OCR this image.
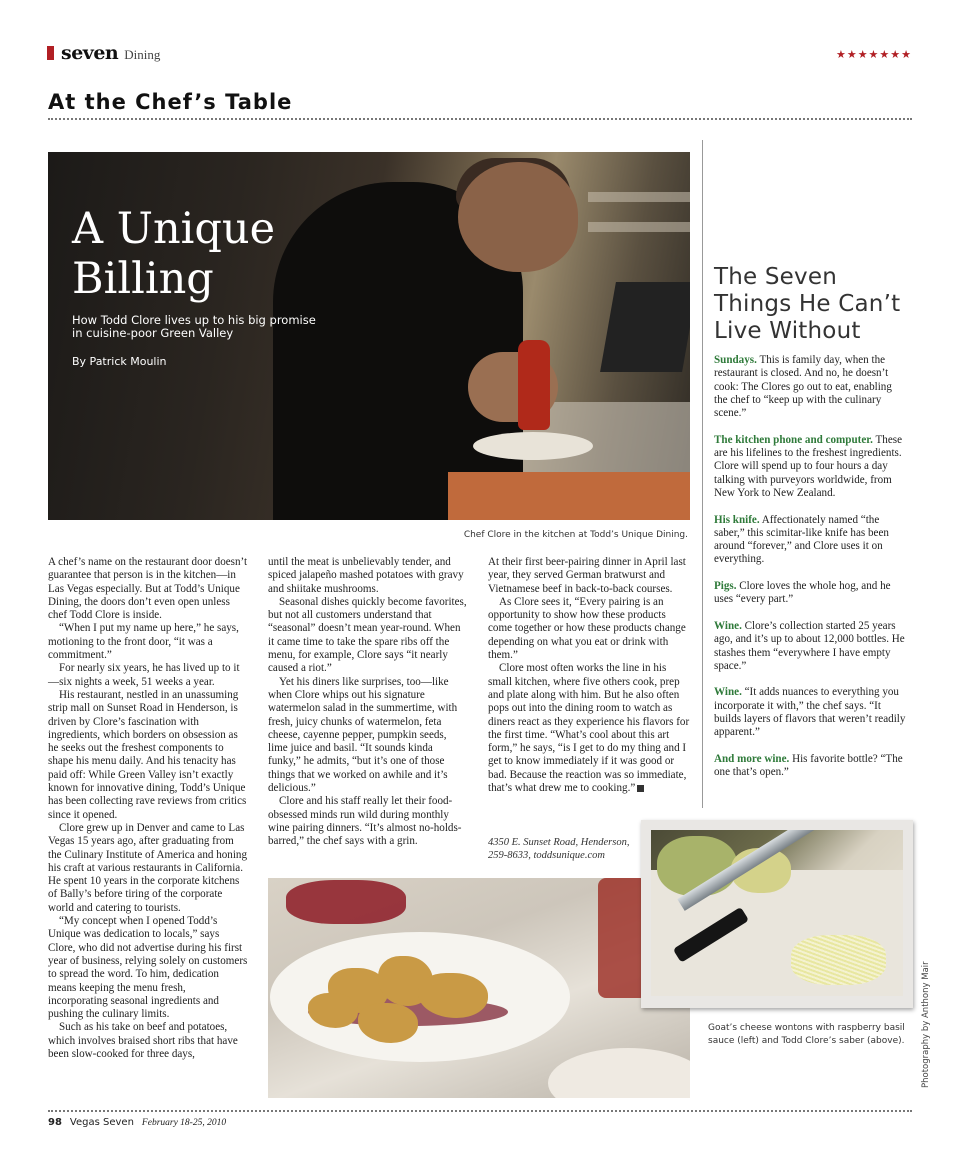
seven Dining	★★★★★★★
At the Chef’s Table
A Unique
Billing
How Todd Clore lives up to his big promise in cuisine-poor Green Valley
By Patrick Moulin
Chef Clore in the kitchen at Todd’s Unique Dining.

A chef’s name on the restaurant door doesn’t guarantee that person is in the kitchen—in Las Vegas especially. But at Todd’s Unique Dining, the doors don’t even open unless chef Todd Clore is inside.

“When I put my name up here,” he says, motioning to the front door, “it was a commitment.”

For nearly six years, he has lived up to it—six nights a week, 51 weeks a year.

His restaurant, nestled in an unassuming strip mall on Sunset Road in Henderson, is driven by Clore’s fascination with ingredients, which borders on obsession as he seeks out the freshest components to shape his menu daily. And his tenacity has paid off: While Green Valley isn’t exactly known for innovative dining, Todd’s Unique has been collecting rave reviews from critics since it opened.

Clore grew up in Denver and came to Las Vegas 15 years ago, after graduating from the Culinary Institute of America and honing his craft at various restaurants in California. He spent 10 years in the corporate kitchens of Bally’s before tiring of the corporate world and catering to tourists.

“My concept when I opened Todd’s Unique was dedication to locals,” says Clore, who did not advertise during his first year of business, relying solely on customers to spread the word. To him, dedication means keeping the menu fresh, incorporating seasonal ingredients and pushing the culinary limits.

Such as his take on beef and potatoes, which involves braised short ribs that have been slow-cooked for three days,

until the meat is unbelievably tender, and spiced jalapeño mashed potatoes with gravy and shiitake mushrooms.

Seasonal dishes quickly become favorites, but not all customers understand that “seasonal” doesn’t mean year-round. When it came time to take the spare ribs off the menu, for example, Clore says “it nearly caused a riot.”

Yet his diners like surprises, too—like when Clore whips out his signature watermelon salad in the summertime, with fresh, juicy chunks of watermelon, feta cheese, cayenne pepper, pumpkin seeds, lime juice and basil. “It sounds kinda funky,” he admits, “but it’s one of those things that we worked on awhile and it’s delicious.”

Clore and his staff really let their food-obsessed minds run wild during monthly wine pairing dinners. “It’s almost no-holds-barred,” the chef says with a grin.

At their first beer-pairing dinner in April last year, they served German bratwurst and Vietnamese beef in back-to-back courses.

As Clore sees it, “Every pairing is an opportunity to show how these products come together or how these products change depending on what you eat or drink with them.”

Clore most often works the line in his small kitchen, where five others cook, prep and plate along with him. But he also often pops out into the dining room to watch as diners react as they experience his flavors for the first time. “What’s cool about this art form,” he says, “is I get to do my thing and I get to know immediately if it was good or bad. Because the reaction was so immediate, that’s what drew me to cooking.”

4350 E. Sunset Road, Henderson,
259-8633, toddsunique.com
The Seven Things He Can’t Live Without
Sundays. This is family day, when the restaurant is closed. And no, he doesn’t cook: The Clores go out to eat, enabling the chef to “keep up with the culinary scene.”
The kitchen phone and computer. These are his lifelines to the freshest ingredients. Clore will spend up to four hours a day talking with purveyors worldwide, from New York to New Zealand.
His knife. Affectionately named “the saber,” this scimitar-like knife has been around “forever,” and Clore uses it on everything.
Pigs. Clore loves the whole hog, and he uses “every part.”
Wine. Clore’s collection started 25 years ago, and it’s up to about 12,000 bottles. He stashes them “everywhere I have empty space.”
Wine. “It adds nuances to everything you incorporate it with,” the chef says. “It builds layers of flavors that weren’t readily apparent.”
And more wine. His favorite bottle? “The one that’s open.”
Goat’s cheese wontons with raspberry basil sauce (left) and Todd Clore’s saber (above).	Photography by Anthony Mair
98 Vegas Seven February 18-25, 2010
